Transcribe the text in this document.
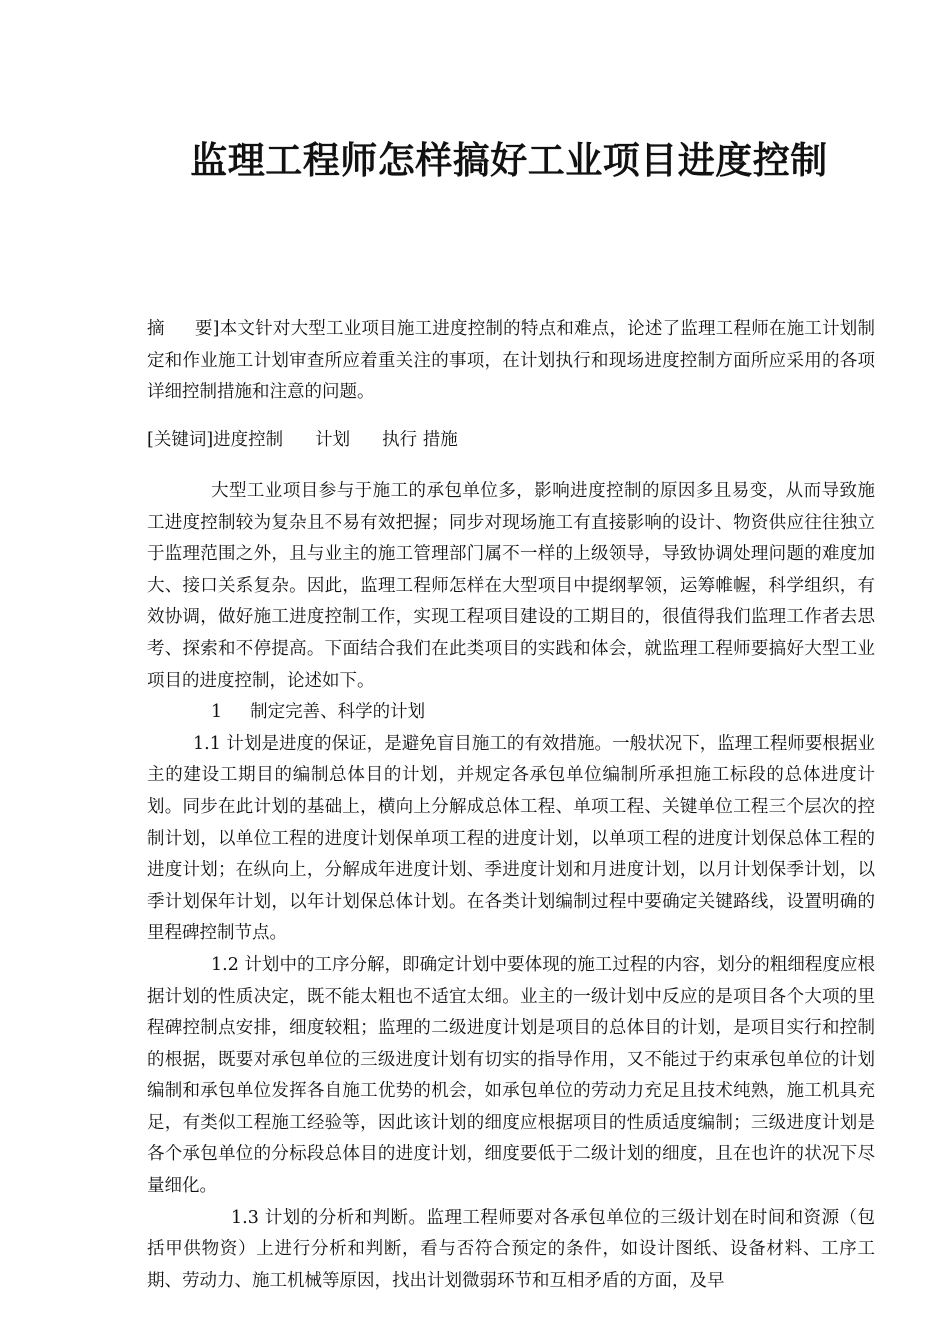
监理工程师怎样搞好工业项目进度控制
摘 要]本文针对大型工业项目施工进度控制的特点和难点，论述了监理工程师在施工计划制定和作业施工计划审查所应着重关注的事项，在计划执行和现场进度控制方面所应采用的各项详细控制措施和注意的问题。
[关键词]进度控制 计划 执行 措施

大型工业项目参与于施工的承包单位多，影响进度控制的原因多且易变，从而导致施工进度控制较为复杂且不易有效把握；同步对现场施工有直接影响的设计、物资供应往往独立于监理范围之外，且与业主的施工管理部门属不一样的上级领导，导致协调处理问题的难度加大、接口关系复杂。因此，监理工程师怎样在大型项目中提纲挈领，运筹帷幄，科学组织，有效协调，做好施工进度控制工作，实现工程项目建设的工期目的，很值得我们监理工作者去思考、探索和不停提高。下面结合我们在此类项目的实践和体会，就监理工程师要搞好大型工业项目的进度控制，论述如下。

1 制定完善、科学的计划

1.1 计划是进度的保证，是避免盲目施工的有效措施。一般状况下，监理工程师要根据业主的建设工期目的编制总体目的计划，并规定各承包单位编制所承担施工标段的总体进度计划。同步在此计划的基础上，横向上分解成总体工程、单项工程、关键单位工程三个层次的控制计划，以单位工程的进度计划保单项工程的进度计划，以单项工程的进度计划保总体工程的进度计划；在纵向上，分解成年进度计划、季进度计划和月进度计划，以月计划保季计划，以季计划保年计划，以年计划保总体计划。在各类计划编制过程中要确定关键路线，设置明确的里程碑控制节点。

1.2 计划中的工序分解，即确定计划中要体现的施工过程的内容，划分的粗细程度应根据计划的性质决定，既不能太粗也不适宜太细。业主的一级计划中反应的是项目各个大项的里程碑控制点安排，细度较粗；监理的二级进度计划是项目的总体目的计划，是项目实行和控制的根据，既要对承包单位的三级进度计划有切实的指导作用，又不能过于约束承包单位的计划编制和承包单位发挥各自施工优势的机会，如承包单位的劳动力充足且技术纯熟，施工机具充足，有类似工程施工经验等，因此该计划的细度应根据项目的性质适度编制；三级进度计划是各个承包单位的分标段总体目的进度计划，细度要低于二级计划的细度，且在也许的状况下尽量细化。

1.3 计划的分析和判断。监理工程师要对各承包单位的三级计划在时间和资源（包括甲供物资）上进行分析和判断，看与否符合预定的条件，如设计图纸、设备材料、工序工期、劳动力、施工机械等原因，找出计划微弱环节和互相矛盾的方面，及早
